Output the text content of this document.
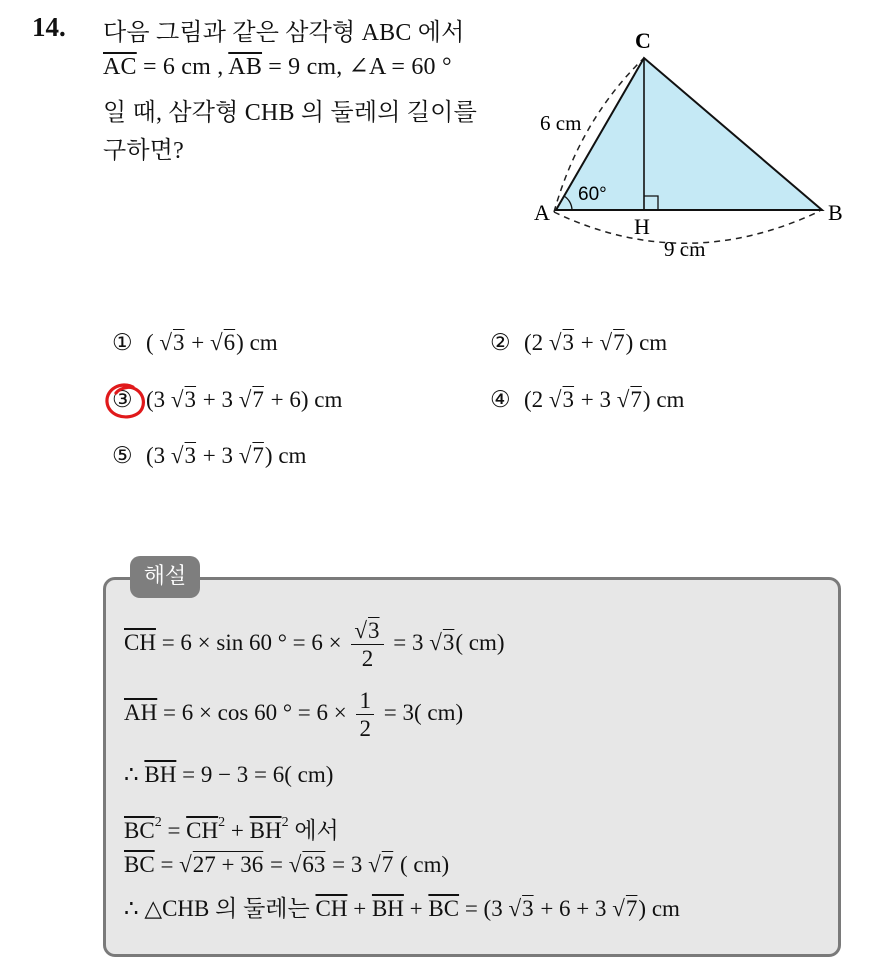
14. 다음 그림과 같은 삼각형 ABC 에서
$\overline{AC} = 6$ cm , $\overline{AB} = 9$ cm, ∠A = 60 °
일 때, 삼각형 CHB 의 둘레의 길이를
구하면?
C
A	B
H
6 cm
9 cm
60°
① ( √3 + √6) cm	② (2 √3 + √7) cm
③ (3 √3 + 3 √7 + 6) cm	④ (2 √3 + 3 √7) cm
⑤ (3 √3 + 3 √7) cm
해설
$\overline{CH} = 6 \times \sin 60$ ° = $6 \times \frac{√3}{2} = 3$ √3( cm)
$\overline{AH} = 6 \times \cos 60$ ° = $6 \times \frac{1}{2} = 3$( cm)
∴ $\overline{BH} = 9 - 3 = 6$( cm)
$\overline{BC}^2 = \overline{CH}^2 + \overline{BH}^2$ 에서
$\overline{BC} = √27 + 36 = √63 = 3$ √7 ( cm)
∴ △CHB 의 둘레는 $\overline{CH} + \overline{BH} + \overline{BC} = (3$ √3 + 6 + 3 √7) cm
